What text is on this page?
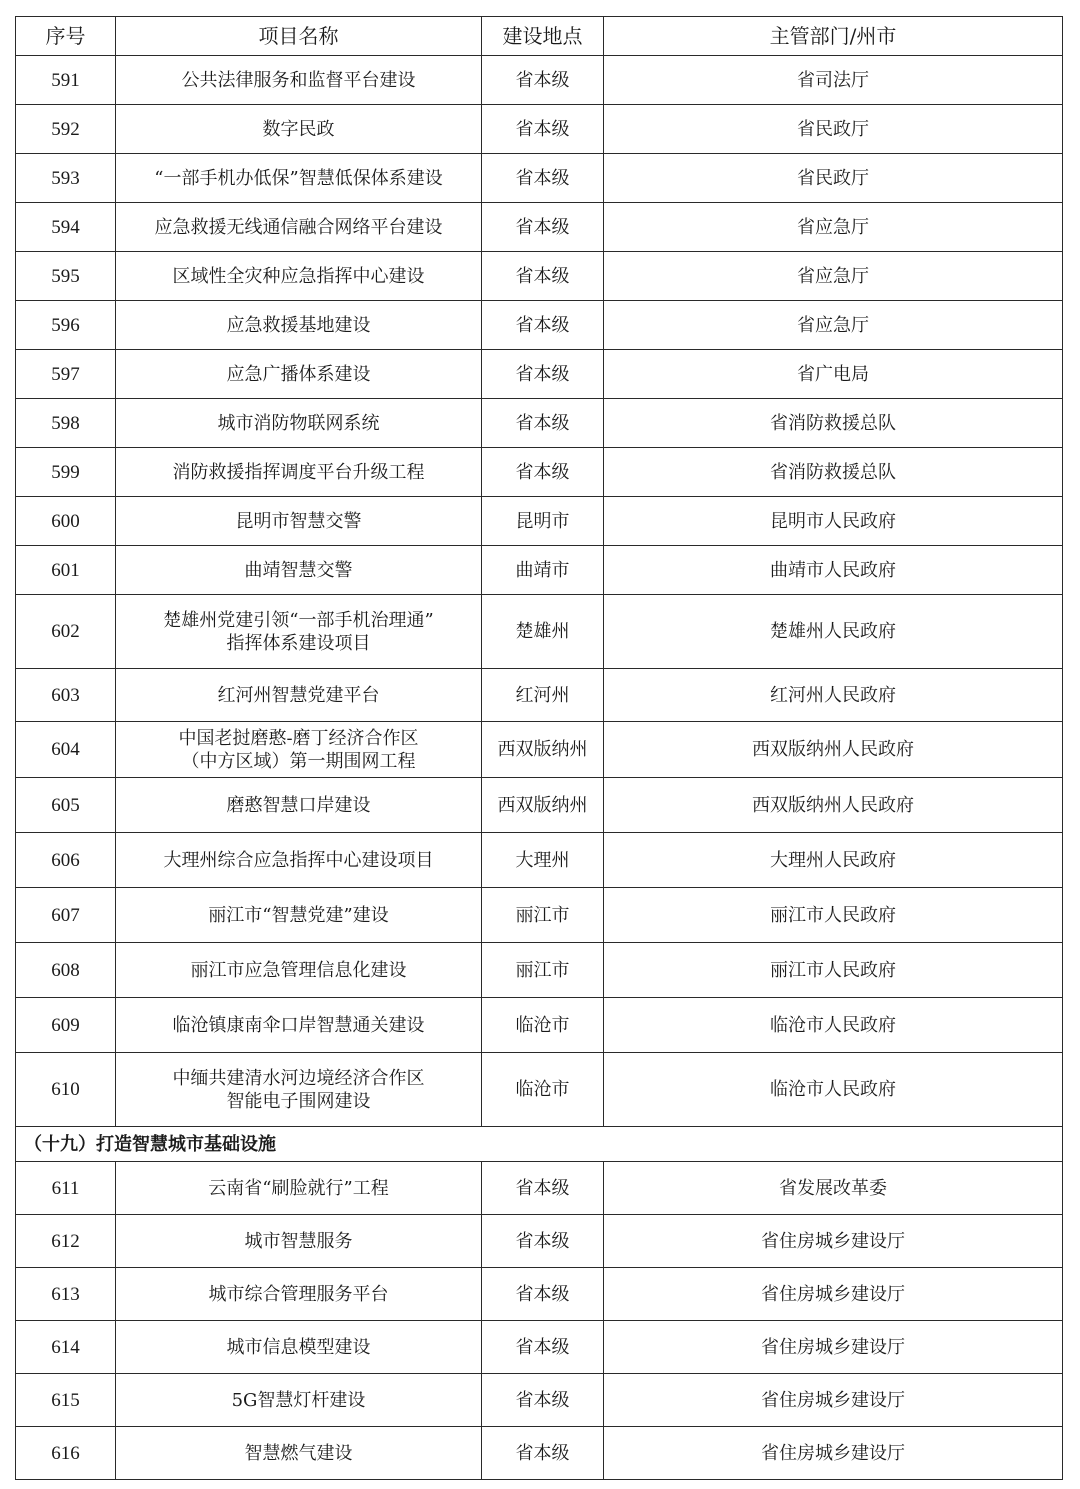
序号	项目名称	建设地点	主管部门/州市
591	公共法律服务和监督平台建设	省本级	省司法厅
592	数字民政	省本级	省民政厅
593	“一部手机办低保”智慧低保体系建设	省本级	省民政厅
594	应急救援无线通信融合网络平台建设	省本级	省应急厅
595	区域性全灾种应急指挥中心建设	省本级	省应急厅
596	应急救援基地建设	省本级	省应急厅
597	应急广播体系建设	省本级	省广电局
598	城市消防物联网系统	省本级	省消防救援总队
599	消防救援指挥调度平台升级工程	省本级	省消防救援总队
600	昆明市智慧交警	昆明市	昆明市人民政府
601	曲靖智慧交警	曲靖市	曲靖市人民政府
602	楚雄州党建引领“一部手机治理通”
指挥体系建设项目	楚雄州	楚雄州人民政府
603	红河州智慧党建平台	红河州	红河州人民政府
604	中国老挝磨憨-磨丁经济合作区
（中方区域）第一期围网工程	西双版纳州	西双版纳州人民政府
605	磨憨智慧口岸建设	西双版纳州	西双版纳州人民政府
606	大理州综合应急指挥中心建设项目	大理州	大理州人民政府
607	丽江市“智慧党建”建设	丽江市	丽江市人民政府
608	丽江市应急管理信息化建设	丽江市	丽江市人民政府
609	临沧镇康南伞口岸智慧通关建设	临沧市	临沧市人民政府
610	中缅共建清水河边境经济合作区
智能电子围网建设	临沧市	临沧市人民政府
（十九）打造智慧城市基础设施			
611	云南省“刷脸就行”工程	省本级	省发展改革委
612	城市智慧服务	省本级	省住房城乡建设厅
613	城市综合管理服务平台	省本级	省住房城乡建设厅
614	城市信息模型建设	省本级	省住房城乡建设厅
615	5G智慧灯杆建设	省本级	省住房城乡建设厅
616	智慧燃气建设	省本级	省住房城乡建设厅
